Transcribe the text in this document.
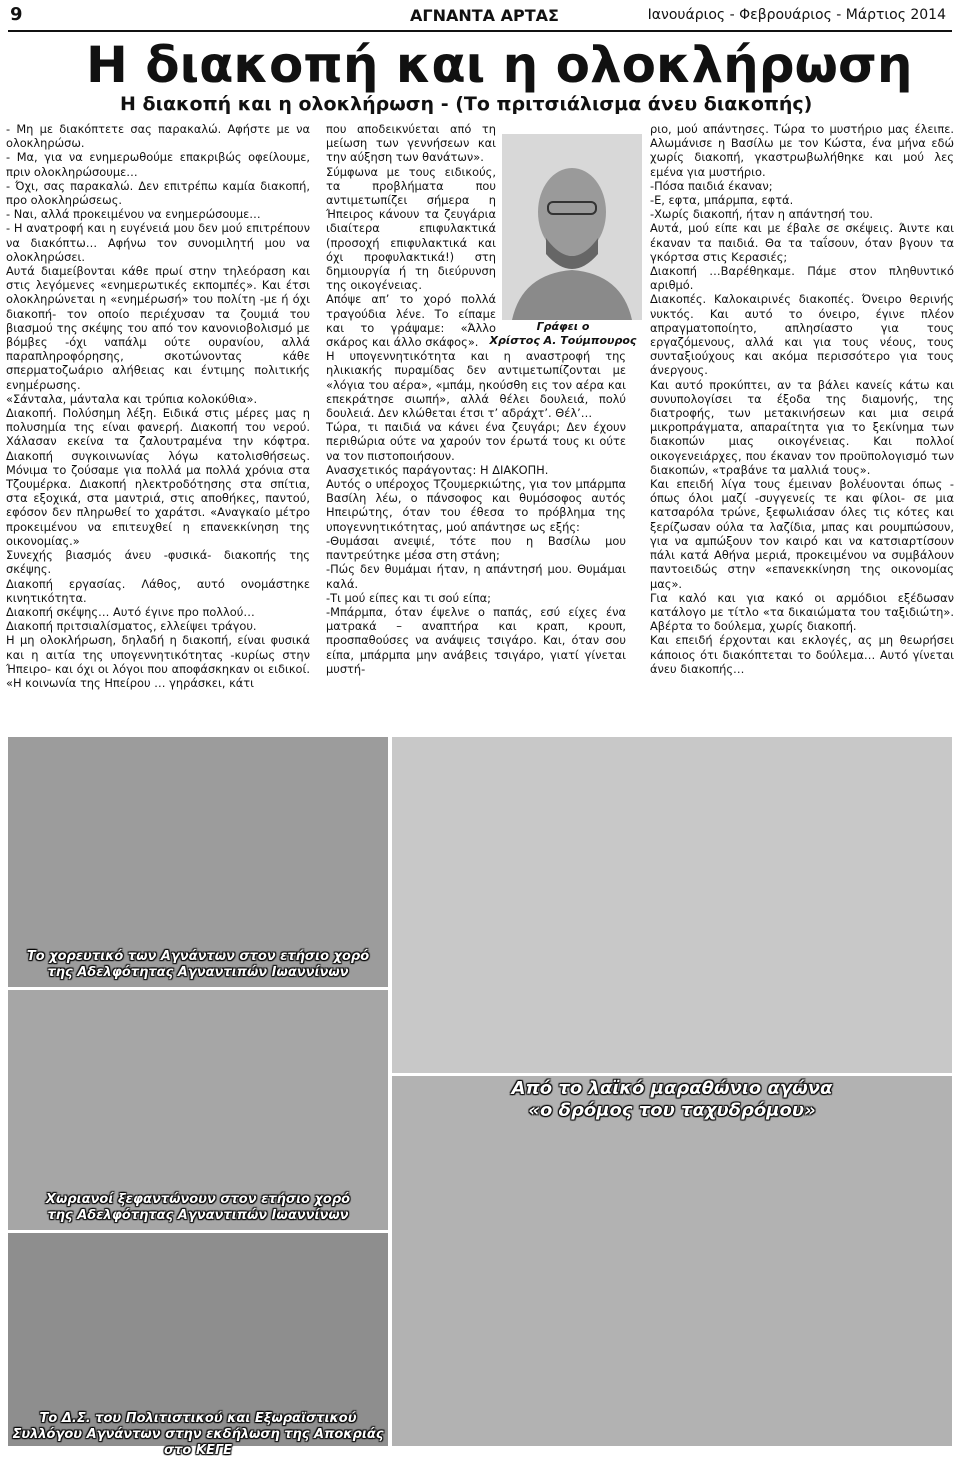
9	ΑΓΝΑΝΤΑ ΑΡΤΑΣ	Ιανουάριος - Φεβρουάριος - Μάρτιος 2014
Η διακοπή και η ολοκλήρωση
Η διακοπή και η ολοκλήρωση - (Το πριτσιάλισμα άνευ διακοπής)

- Μη με διακόπτετε σας παρακαλώ. Αφήστε με να ολοκληρώσω.

- Μα, για να ενημερωθούμε επακριβώς οφείλουμε, πριν ολοκληρώσουμε…

- Όχι, σας παρακαλώ. Δεν επιτρέπω καμία διακοπή, προ ολοκληρώσεως.

- Ναι, αλλά προκειμένου να ενημερώσουμε…

- Η ανατροφή και η ευγένειά μου δεν μού επιτρέπουν να διακόπτω… Αφήνω τον συνομιλητή μου να ολοκληρώσει.

Αυτά διαμείβονται κάθε πρωί στην τηλεόραση και στις λεγόμενες «ενημερωτικές εκπομπές». Και έτσι ολοκληρώνεται η «ενημέρωσή» του πολίτη -με ή όχι διακοπή- τον οποίο περιέχυσαν τα ζουμιά του βιασμού της σκέψης του από τον κανονιοβολισμό με βόμβες -όχι ναπάλμ ούτε ουρανίου, αλλά παραπληροφόρησης, σκοτώνοντας κάθε σπερματοζωάριο αλήθειας και έντιμης πολιτικής ενημέρωσης.

«Σάνταλα, μάνταλα και τρύπια κολοκύθια».

Διακοπή. Πολύσημη λέξη. Ειδικά στις μέρες μας η πολυσημία της είναι φανερή. Διακοπή του νερού. Χάλασαν εκείνα τα ζαλουτραμένα την κόφτρα. Διακοπή συγκοινωνίας λόγω κατολισθήσεως. Μόνιμα το ζούσαμε για πολλά μα πολλά χρόνια στα Τζουμέρκα. Διακοπή ηλεκτροδότησης στα σπίτια, στα εξοχικά, στα μαντριά, στις αποθήκες, παντού, εφόσον δεν πληρωθεί το χαράτσι. «Αναγκαίο μέτρο προκειμένου να επιτευχθεί η επανεκκίνηση της οικονομίας.»

Συνεχής βιασμός άνευ -φυσικά- διακοπής της σκέψης.

Διακοπή εργασίας. Λάθος, αυτό ονομάστηκε κινητικότητα.

Διακοπή σκέψης… Αυτό έγινε προ πολλού…

Διακοπή πριτσιαλίσματος, ελλείψει τράγου.

Η μη ολοκλήρωση, δηλαδή η διακοπή, είναι φυσικά και η αιτία της υπογεννητικότητας -κυρίως στην Ήπειρο- και όχι οι λόγοι που αποφάσκηκαν οι ειδικοί. «Η κοινωνία της Ηπείρου … γηράσκει, κάτι

που αποδεικνύεται από τη μείωση των γεννήσεων και την αύξηση των θανάτων».

Σύμφωνα με τους ειδικούς, τα προβλήματα που αντιμετωπίζει σήμερα η Ήπειρος κάνουν τα ζευγάρια ιδιαίτερα επιφυλακτικά (προσοχή επιφυλακτικά και όχι προφυλακτικά!) στη δημιουργία ή τη διεύρυνση της οικογένειας.

Απόψε απ’ το χορό πολλά τραγούδια λένε. Το είπαμε και το γράψαμε: «Άλλο σκάρος και άλλο σκάφος».

Η υπογεννητικότητα και η αναστροφή της ηλικιακής πυραμίδας δεν αντιμετωπίζονται με «λόγια του αέρα», «μπάμ, ηκούσθη εις τον αέρα και επεκράτησε σιωπή», αλλά θέλει δουλειά, πολύ δουλειά. Δεν κλώθεται έτσι τ’ αδράχτ’. Θέλ’…

Τώρα, τι παιδιά να κάνει ένα ζευγάρι; Δεν έχουν περιθώρια ούτε να χαρούν τον έρωτά τους κι ούτε να τον πιστοποιήσουν.

Ανασχετικός παράγοντας: Η ΔΙΑΚΟΠΗ.

Αυτός ο υπέροχος Τζουμερκιώτης, για τον μπάρμπα Βασίλη λέω, ο πάνσοφος και θυμόσοφος αυτός Ηπειρώτης, όταν του έθεσα το πρόβλημα της υπογεννητικότητας, μού απάντησε ως εξής:

-Θυμάσαι ανεψιέ, τότε που η Βασίλω μου παντρεύτηκε μέσα στη στάνη;

-Πώς δεν θυμάμαι ήταν, η απάντησή μου. Θυμάμαι καλά.

-Τι μού είπες και τι σού είπα;

-Μπάρμπα, όταν έψελνε ο παπάς, εσύ είχες ένα ματρακά – αναπτήρα και κραπ, κρουπ, προσπαθούσες να ανάψεις τσιγάρο. Και, όταν σου είπα, μπάρμπα μην ανάβεις τσιγάρο, γιατί γίνεται μυστή-

ριο, μού απάντησες. Τώρα το μυστήριο μας έλειπε. Αλωμάνισε η Βασίλω με τον Κώστα, ένα μήνα εδώ χωρίς διακοπή, γκαστρωβωλήθηκε και μού λες εμένα για μυστήριο.

-Πόσα παιδιά έκαναν;

-Ε, εφτα, μπάρμπα, εφτά.

-Χωρίς διακοπή, ήταν η απάντησή του.

Αυτά, μού είπε και με έβαλε σε σκέψεις. Άιντε και έκαναν τα παιδιά. Θα τα ταΐσουν, όταν βγουν τα γκόρτσα στις Κερασιές;

Διακοπή …Βαρέθηκαμε. Πάμε στον πληθυντικό αριθμό.

Διακοπές. Καλοκαιρινές διακοπές. Όνειρο θερινής νυκτός. Και αυτό το όνειρο, έγινε πλέον απραγματοποίητο, απλησίαστο για τους εργαζόμενους, αλλά και για τους νέους, τους συνταξιούχους και ακόμα περισσότερο για τους άνεργους.

Και αυτό προκύπτει, αν τα βάλει κανείς κάτω και συνυπολογίσει τα έξοδα της διαμονής, της διατροφής, των μετακινήσεων και μια σειρά μικροπράγματα, απαραίτητα για το ξεκίνημα των διακοπών μιας οικογένειας. Και πολλοί οικογενειάρχες, που έκαναν τον προϋπολογισμό των διακοπών, «τραβάνε τα μαλλιά τους».

Και επειδή λίγα τους έμειναν βολέυονται όπως - όπως όλοι μαζί -συγγενείς τε και φίλοι- σε μια κατσαρόλα τρώνε, ξεφωλιάσαν όλες τις κότες και ξερίζωσαν ούλα τα λαζίδια, μπας και ρουμπώσουν, για να αμπώξουν τον καιρό και να κατσιαρτίσουν πάλι κατά Αθήνα μεριά, προκειμένου να συμβάλουν παντοειδώς στην «επανεκκίνηση της οικονομίας μας».

Για καλό και για κακό οι αρμόδιοι εξέδωσαν κατάλογο με τίτλο «τα δικαιώματα του ταξιδιώτη». Αβέρτα το δούλεμα, χωρίς διακοπή.

Και επειδή έρχονται και εκλογές, ας μη θεωρήσει κάποιος ότι διακόπτεται το δούλεμα… Αυτό γίνεται άνευ διακοπής…

Γράφει ο
Χρίστος Α. Τούμπουρος
Το χορευτικό των Αγνάντων στον ετήσιο χορό
της Αδελφότητας Αγναντιπών Ιωαννίνων
Χωριανοί ξεφαντώνουν στον ετήσιο χορό
της Αδελφότητας Αγναντιπών Ιωαννίνων
Από το λαϊκό μαραθώνιο αγώνα
«ο δρόμος του ταχυδρόμου»
Το Δ.Σ. του Πολιτιστικού και Εξωραϊστικού
Συλλόγου Αγνάντων στην εκδήλωση της Αποκριάς στο ΚΕΓΕ
